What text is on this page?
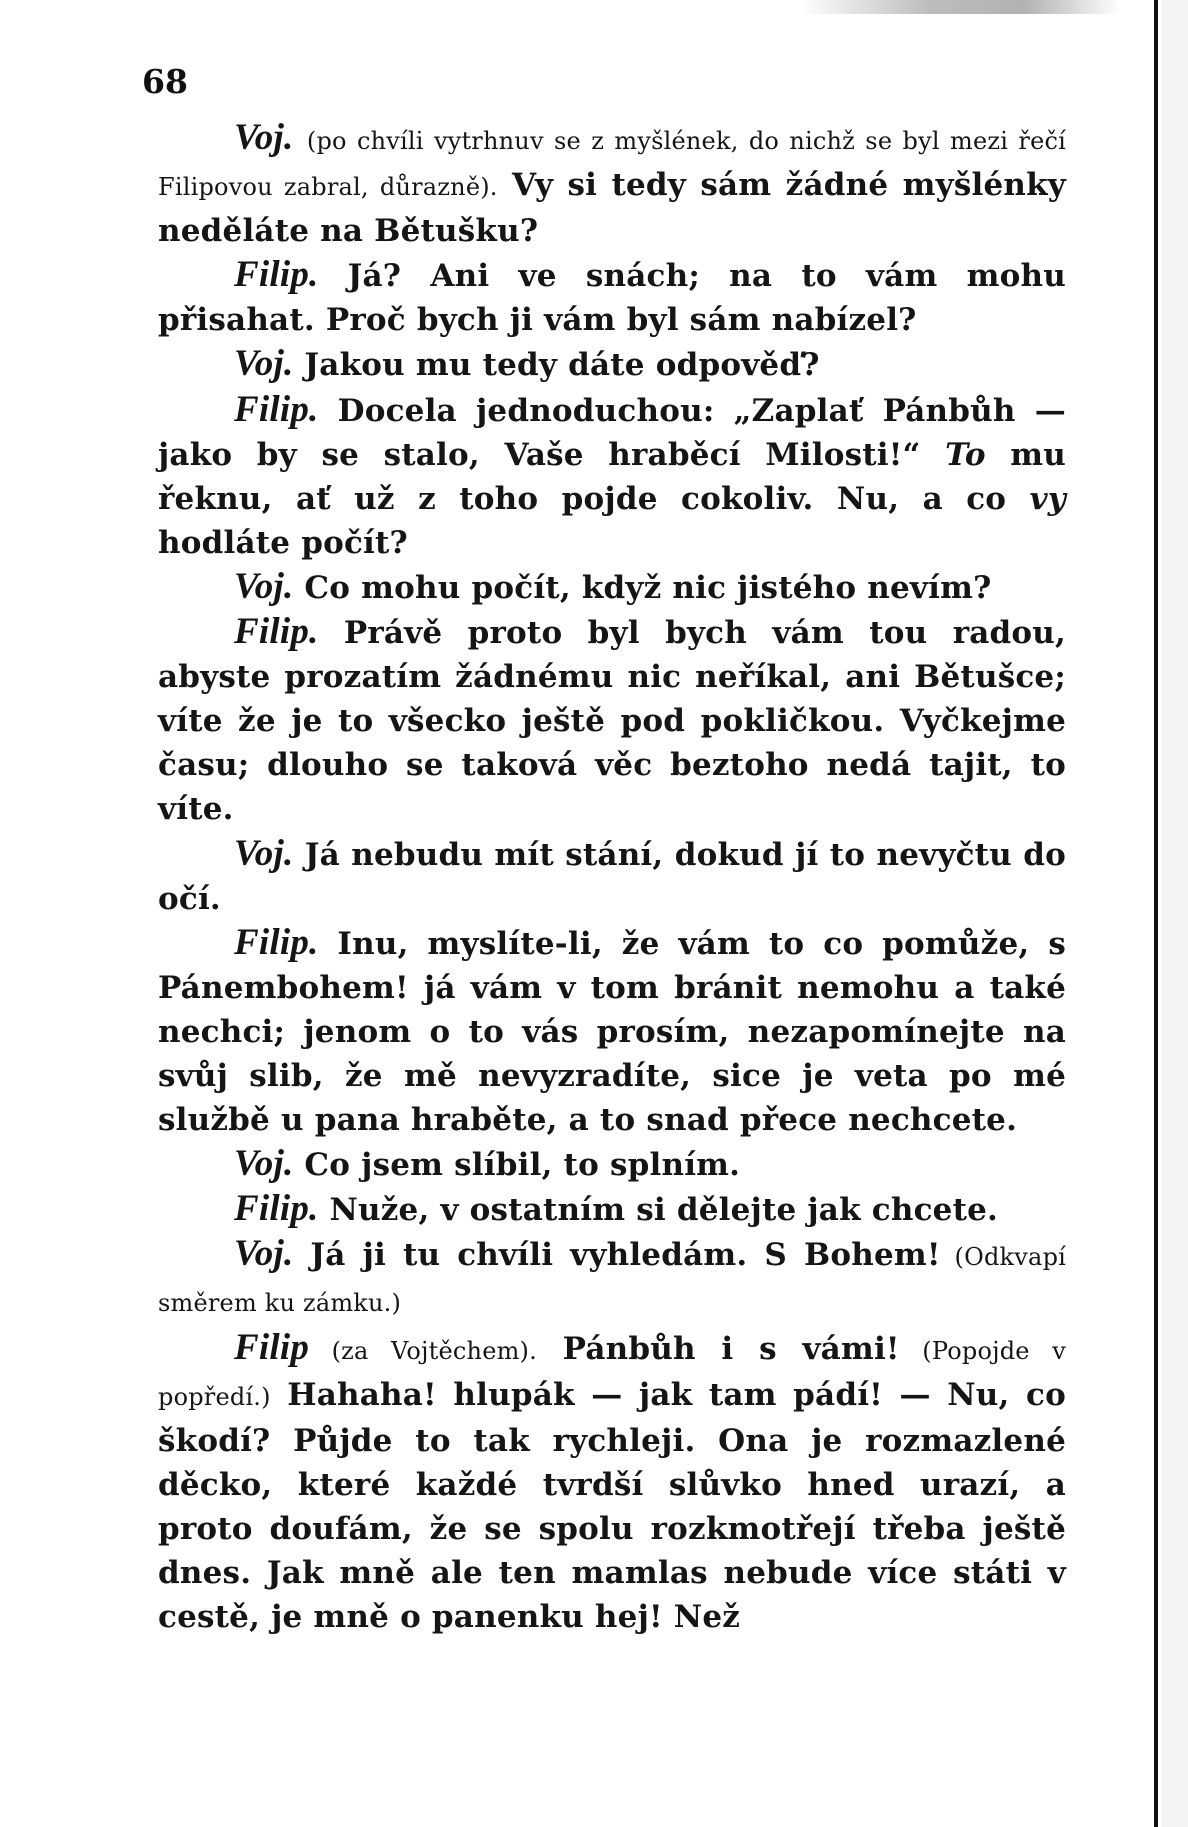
68

Voj. (po chvíli vytrhnuv se z myšlének, do nichž se byl mezi řečí Filipovou zabral, důrazně). Vy si tedy sám žádné myšlénky neděláte na Bětušku?

Filip. Já? Ani ve snách; na to vám mohu přisahat. Proč bych ji vám byl sám nabízel?

Voj. Jakou mu tedy dáte odpověď?

Filip. Docela jednoduchou: „Zaplať Pánbůh — jako by se stalo, Vaše hraběcí Milosti!“ To mu řeknu, ať už z toho pojde cokoliv. Nu, a co vy hodláte počít?

Voj. Co mohu počít, když nic jistého nevím?

Filip. Právě proto byl bych vám tou radou, abyste prozatím žádnému nic neříkal, ani Bětušce; víte že je to všecko ještě pod pokličkou. Vyčkejme času; dlouho se taková věc beztoho nedá tajit, to víte.

Voj. Já nebudu mít stání, dokud jí to nevyčtu do očí.

Filip. Inu, myslíte-li, že vám to co pomůže, s Pánembohem! já vám v tom bránit nemohu a také nechci; jenom o to vás prosím, nezapomínejte na svůj slib, že mě nevyzradíte, sice je veta po mé službě u pana hraběte, a to snad přece nechcete.

Voj. Co jsem slíbil, to splním.

Filip. Nuže, v ostatním si dělejte jak chcete.

Voj. Já ji tu chvíli vyhledám. S Bohem! (Odkvapí směrem ku zámku.)

Filip (za Vojtěchem). Pánbůh i s vámi! (Popojde v popředí.) Hahaha! hlupák — jak tam pádí! — Nu, co škodí? Půjde to tak rychleji. Ona je rozmazlené děcko, které každé tvrdší slůvko hned urazí, a proto doufám, že se spolu rozkmotřejí třeba ještě dnes. Jak mně ale ten mamlas nebude více státi v cestě, je mně o panenku hej! Než
